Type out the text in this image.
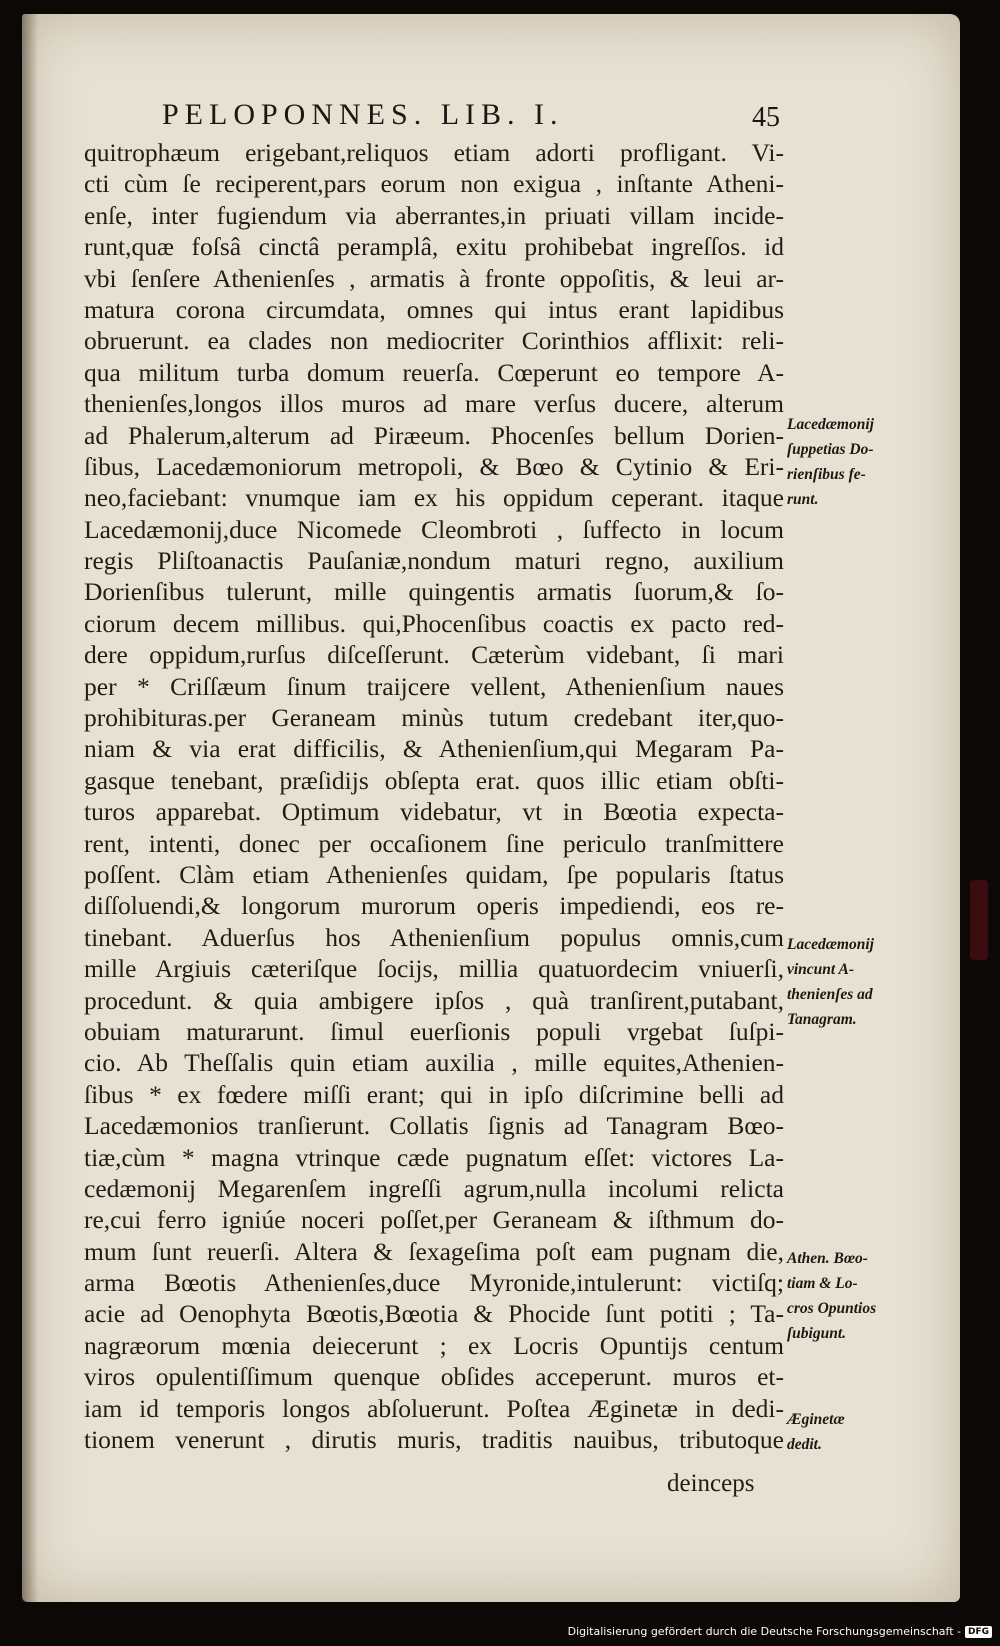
PELOPONNES. LIB. I.	45
quitrophæum erigebant,reliquos etiam adorti profligant. Vi-
cti cùm ſe reciperent,pars eorum non exigua , inſtante Atheni-
enſe, inter fugiendum via aberrantes,in priuati villam incide-
runt,quæ foſsâ cinctâ peramplâ, exitu prohibebat ingreſſos. id
vbi ſenſere Athenienſes , armatis à fronte oppoſitis, & leui ar-
matura corona circumdata, omnes qui intus erant lapidibus
obruerunt. ea clades non mediocriter Corinthios afflixit: reli-
qua militum turba domum reuerſa. Cœperunt eo tempore A-
thenienſes,longos illos muros ad mare verſus ducere, alterum
ad Phalerum,alterum ad Piræeum. Phocenſes bellum Dorien-
ſibus, Lacedæmoniorum metropoli, & Bœo & Cytinio & Eri-
neo,faciebant: vnumque iam ex his oppidum ceperant. itaque
Lacedæmonij,duce Nicomede Cleombroti , ſuffecto in locum
regis Pliſtoanactis Pauſaniæ,nondum maturi regno, auxilium
Dorienſibus tulerunt, mille quingentis armatis ſuorum,& ſo-
ciorum decem millibus. qui,Phocenſibus coactis ex pacto red-
dere oppidum,rurſus diſceſſerunt. Cæterùm videbant, ſi mari
per * Criſſæum ſinum traijcere vellent, Athenienſium naues
prohibituras.per Geraneam minùs tutum credebant iter,quo-
niam & via erat difficilis, & Athenienſium,qui Megaram Pa-
gasque tenebant, præſidijs obſepta erat. quos illic etiam obſti-
turos apparebat. Optimum videbatur, vt in Bœotia expecta-
rent, intenti, donec per occaſionem ſine periculo tranſmittere
poſſent. Clàm etiam Athenienſes quidam, ſpe popularis ſtatus
diſſoluendi,& longorum murorum operis impediendi, eos re-
tinebant. Aduerſus hos Athenienſium populus omnis,cum
mille Argiuis cæteriſque ſocijs, millia quatuordecim vniuerſi,
procedunt. & quia ambigere ipſos , quà tranſirent,putabant,
obuiam maturarunt. ſimul euerſionis populi vrgebat ſuſpi-
cio. Ab Theſſalis quin etiam auxilia , mille equites,Athenien-
ſibus * ex fœdere miſſi erant; qui in ipſo diſcrimine belli ad
Lacedæmonios tranſierunt. Collatis ſignis ad Tanagram Bœo-
tiæ,cùm * magna vtrinque cæde pugnatum eſſet: victores La-
cedæmonij Megarenſem ingreſſi agrum,nulla incolumi relicta
re,cui ferro igniúe noceri poſſet,per Geraneam & iſthmum do-
mum ſunt reuerſi. Altera & ſexageſima poſt eam pugnam die,
arma Bœotis Athenienſes,duce Myronide,intulerunt: victiſq;
acie ad Oenophyta Bœotis,Bœotia & Phocide ſunt potiti ; Ta-
nagræorum mœnia deiecerunt ; ex Locris Opuntijs centum
viros opulentiſſimum quenque obſides acceperunt. muros et-
iam id temporis longos abſoluerunt. Poſtea Æginetæ in dedi-
tionem venerunt , dirutis muris, traditis nauibus, tributoque
Lacedæmonij
ſuppetias Do-
rienſibus fe-
runt.
Lacedæmonij
vincunt A-
thenienſes ad
Tanagram.
Athen. Bœo-
tiam & Lo-
cros Opuntios
ſubigunt.
Æginetæ
dedit.
deinceps
Digitalisierung gefördert durch die Deutsche Forschungsgemeinschaft - DFG
